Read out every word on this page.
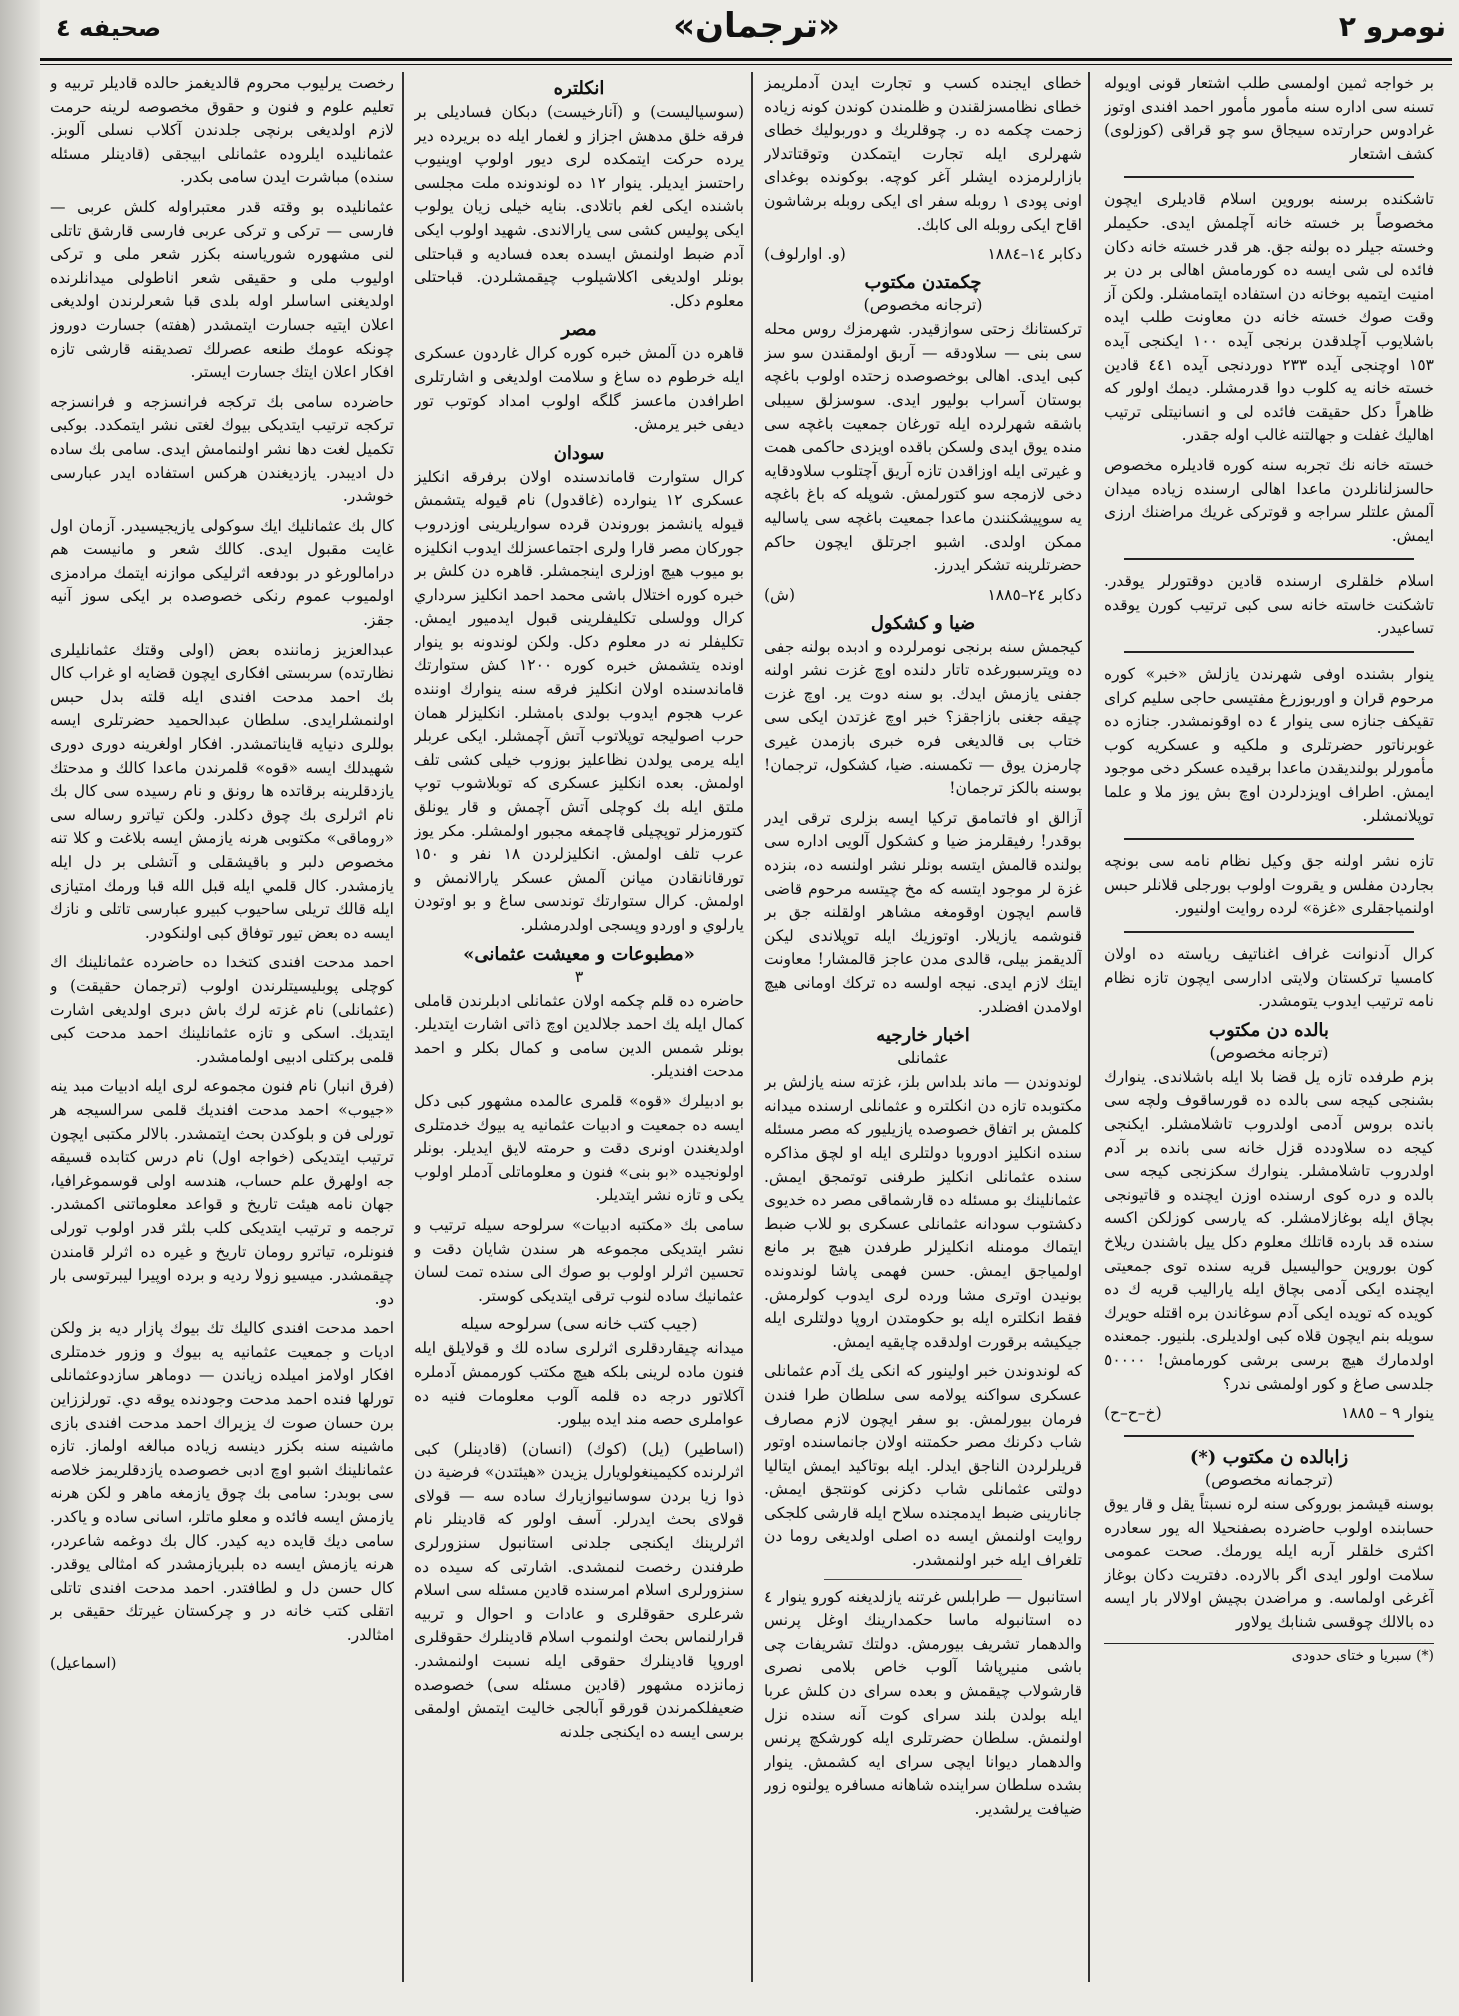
نومرو ٢
«ترجمان»
صحيفه ٤

بر خواجه ثمين اولمسى طلب اشتعار قونى اويوله تسنه سى اداره سنه مأمور مأمور احمد افندى اوتوز غرادوس حرارتده سيجاق سو چو قراقى (كوزلوى) كشف اشتعار

تاشكنده برسنه بوروين اسلام قاديلرى ايچون مخصوصاً بر خسته خانه آچلمش ايدى. حكيملر وخسته جيلر ده بولنه جق. هر قدر خسته خانه دكان فائده لى شى ايسه ده كورمامش اهالى بر دن بر امنيت ايتميه بوخانه دن استفاده ايتمامشلر. ولكن آز وقت صوك خسته خانه دن معاونت طلب ايده باشلايوب آچلدقدن برنجى آيده ١٠٠ ايكنجى آيده ١٥٣ اوچنجى آيده ٢٣٣ دوردنجى آيده ٤٤١ قادين خسته خانه يه كلوب دوا قدرمشلر. ديمك اولور كه ظاهراً دكل حقيقت فائده لى و انسانيتلى ترتيب اهاليك غفلت و جهالتنه غالب اوله جقدر.

خسته خانه نك تجربه سنه كوره قاديلره مخصوص حالسزلنانلردن ماعدا اهالى ارسنده زياده ميدان آلمش علتلر سراجه و قوتركى غريك مراضنك ارزى ايمش.

اسلام خلقلرى ارسنده قادين دوقتورلر يوقدر. تاشكنت خاسته خانه سى كبى ترتيب كورن يوقده تساعيدر.

ينوار بشنده اوفى شهرندن يازلش «خبر» كوره مرحوم قران و اوربوزرغ مفتيسى حاجى سليم كراى تقيكف جنازه سى ينوار ٤ ده اوقونمشدر. جنازه ده غوبرناتور حضرتلرى و ملكيه و عسكريه كوب مأمورلر بولنديقدن ماعدا برقيده عسكر دخى موجود ايمش. اطراف اويزدلردن اوچ بش يوز ملا و علما توپلانمشلر.

تازه نشر اولنه جق وكيل نظام نامه سى بونچه بجاردن مفلس و يقروت اولوب بورجلى قلانلر حبس اولنمياجقلرى «غزة» لرده روايت اولنيور.

كرال آدنوانت غراف اغناتيف رياسته ده اولان كامسيا تركستان ولايتى ادارسى ايچون تازه نظام نامه ترتيب ايدوب يتومشدر.

بالده دن مكتوب
(ترجانه مخصوص)

بزم طرفده تازه يل قضا بلا ايله باشلاندى. ينوارك بشنجى كيجه سى بالده ده قورساقوف ولچه سى بانده بروس آدمى اولدروب تاشلامشلر. ايكنجى كيجه ده سلاودده قزل خانه سى بانده بر آدم اولدروب تاشلامشلر. ينوارك سكزنجى كيجه سى بالده و دره كوى ارسنده اوزن ايچنده و قاتيونجى بچاق ايله بوغازلامشلر. كه يارسى كوزلكن اكسه سنده قد بارده قاتلك معلوم دكل ييل باشندن ريلاخ كون بوروين حواليسيل قريه سنده توى جمعيتى ايچنده ايكى آدمى بچاق ايله ياراليب قريه ك ده كويده كه تويده ايكى آدم سوغاندن بره اقتله حويرك سويله بنم ايچون قلاه كبى اولديلرى. بلنيور. جمعنده اولدمارك هيچ برسى برشى كورمامش! ٥٠٠٠٠ جلدسى صاغ و كور اولمشى ندر؟

ينوار ٩ – ١٨٨٥
(خ–ح–ح)
زابالده ن مكتوب (*)
(ترجمانه مخصوص)

بوسنه قيشمز بوروكى سنه لره نسبتاً يقل و قار يوق حسابنده اولوب حاضرده بصفنحيلا اله يور سعادره اكثرى خلقلر آربه ايله يورمك. صحت عمومى سلامت اولور ايدى اگر بالارده. دفتريت دكان بوغاز آغرغى اولماسه. و مراضدن بچيش اولالار بار ايسه ده بالالك چوقسى شنابك يولاور

(*) سبريا و ختاى حدودى

خطاى ايجنده كسب و تجارت ايدن آدملريمز خطاى نظامسزلقندن و ظلمندن كوندن كونه زياده زحمت چكمه ده ر. چوقلريك و دوربوليك خطاى شهرلرى ايله تجارت ايتمكدن وتوقتاتدلار بازارلرمزده ايشلر آغر كوچه. بوكونده بوغداى اونى پودى ١ روبله سفر اى ايكى روبله برشاشون اقاح ايكى روبله الى كابك.

دكابر ١٤–١٨٨٤
(و. اوارلوف)
چكمتدن مكتوب
(ترجانه مخصوص)

تركستانك زحتى سوازقيدر. شهرمزك روس محله سى بنى — سلاودقه — آربق اولمقندن سو سز كبى ايدى. اهالى بوخصوصده زحتده اولوب باغچه بوستان آسراب بوليور ايدى. سوسزلق سيبلى باشقه شهرلرده ايله تورغان جمعيت باغچه سى منده يوق ايدى ولسكن باقده اويزدى حاكمى همت و غيرتى ايله اوزاقدن تازه آريق آچتلوب سلاودقايه دخى لازمجه سو كتورلمش. شوپله كه باغ باغچه يه سوپيشكنندن ماعدا جمعيت باغچه سى ياساليه ممكن اولدى. اشبو اجرتلق ايچون حاكم حضرتلرينه تشكر ايدرز.

دكابر ٢٤–١٨٨٥
(ش)
ضيا و كشكول

كيجمش سنه برنجى نومرلرده و ادبده بولنه جفى ده وپترسبورغده تاتار دلنده اوچ غزت نشر اولنه جفنى يازمش ايدك. بو سنه دوت ير. اوچ غزت چيقه جغنى بازاجقز؟ خبر اوچ غزتدن ايكى سى ختاب بى قالديغى فره خبرى بازمدن غيرى چارمزن يوق — تكمسنه. ضيا، كشكول، ترجمان! بوسنه بالكز ترجمان!

آزالق او فاتمامق تركيا ايسه بزلرى ترقى ايدر بوقدر! رفيقلرمز ضيا و كشكول آلويى اداره سى بولنده قالمش ايتسه بونلر نشر اولنسه ده، بنزده غزة لر موجود ايتسه كه مخ چيتسه مرحوم قاضى قاسم ايچون اوقومغه مشاهر اولقلنه جق بر قنوشمه يازيلار. اوتوزيك ايله توپلاندى ليكن آلديقمز بيلى، قالدى مدن عاجز قالمشار! معاونت ايتك لازم ايدى. نيجه اولسه ده تركك اومانى هيچ اولامدن افضلدر.

اخبار خارجيه
عثمانلى

لوندوندن — ماند بلداس بلز، غزته سنه يازلش بر مكتوبده تازه دن انكلتره و عثمانلى ارسنده ميدانه كلمش بر اتفاق خصوصده يازيليور كه مصر مسئله سنده انكليز ادوروبا دولتلرى ايله او لچق مذاكره سنده عثمانلى انكليز طرفنى توتمجق ايمش. عثمانلينك بو مسئله ده قارشماقى مصر ده خديوى دكشتوب سودانه عثمانلى عسكرى بو للاب ضبط ايتماك مومنله انكليزلر طرفدن هيچ بر مانع اولمياجق ايمش. حسن فهمى پاشا لوندونده بونيدن اوترى مشا ورده لرى ايدوب كولرمش. فقط انكلتره ايله بو حكومتدن اروپا دولتلرى ايله جيكيشه برقورت اولدقده چايقيه ايمش.

كه لوندوندن خبر اولينور كه انكى يك آدم عثمانلى عسكرى سواكنه يولامه سى سلطان طرا فندن فرمان بيورلمش. بو سفر ايچون لازم مصارف شاب دكرنك مصر حكمتنه اولان جانماسنده اوتور قريلرلردن الناجق ايدلر. ايله بوتاكيد ايمش ايتاليا دولتى عثمانلى شاب دكزنى كونتجق ايمش. جانارينى ضبط ايدمجنده سلاح ايله قارشى كلجكى روايت اولنمش ايسه ده اصلى اولديغى روما دن تلغراف ايله خبر اولنمشدر.

استانبول — طرابلس غرتنه يازلديغنه كورو ينوار ٤ ده استانبوله ماسا حكمدارينك اوغل پرنس والدهمار تشريف بيورمش. دولتك تشريفات چى باشى منيرپاشا آلوب خاص بلامى نصرى قارشولاب چيقمش و بعده سراى دن كلش عربا ايله بولدن بلند سراى كوت آنه سنده نزل اولنمش. سلطان حضرتلرى ايله كورشكچ پرنس والدهمار ديوانا ايچى سراى ايه كشمش. ينوار بشده سلطان سراينده شاهانه مسافره يولنوه زور ضيافت يرلشدير.

انكلتره

(سوسياليست) و (آنارخيست) دبكان فساديلى بر فرقه خلق مدهش اجزاز و لغمار ايله ده بريرده دير يرده حركت ايتمكده لرى ديور اولوپ اوينيوب راحتسز ايديلر. ينوار ١٢ ده لوندونده ملت مجلسى باشنده ايكى لغم باتلادى. بنايه خيلى زيان يولوب ايكى پوليس كشى سى يارالاندى. شهيد اولوب ايكى آدم ضبط اولنمش ايسده بعده فساديه و قباحتلى بونلر اولديغى اكلاشيلوب چيقمشلردن. قباحتلى معلوم دكل.

مصر

قاهره دن آلمش خبره كوره كرال غاردون عسكرى ايله خرطوم ده ساغ و سلامت اولديغى و اشارتلرى اطرافدن ماعسز گلگه اولوب امداد كوتوب تور ديفى خبر يرمش.

سودان

كرال ستوارت قاماندسنده اولان برفرقه انكليز عسكرى ١٢ ينوارده (غاقدول) نام قيوله يتشمش قيوله يانشمز بوروندن قرده سواريلرينى اوزدروب جوركان مصر قارا ولرى اجتماعسزلك ايدوب انكليزه بو ميوب هيچ اوزلرى اينجمشلر. قاهره دن كلش بر خبره كوره اختلال باشى محمد احمد انكليز سرداري كرال وولسلى تكليفلرينى قبول ايدميور ايمش. تكليفلر نه در معلوم دكل. ولكن لوندونه بو ينوار اونده يتشمش خبره كوره ١٢٠٠ كش ستوارتك قاماندسنده اولان انكليز فرقه سنه ينوارك اوننده عرب هجوم ايدوب بولدى بامشلر. انكليزلر همان حرب اصوليجه توپلاتوب آتش آچمشلر. ايكى عربلر ايله يرمى يولدن نظاعليز بوزوب خيلى كشى تلف اولمش. بعده انكليز عسكرى كه توبلاشوب توپ ملتق ايله بك كوچلى آتش آچمش و قار يونلق كتورمزلر توپچيلى قاچمغه مجبور اولمشلر. مكر يوز عرب تلف اولمش. انكليزلردن ١٨ نفر و ١٥٠ تورقانانقادن ميانن آلمش عسكر يارالانمش و اولمش. كرال ستوارتك توندسى ساغ و بو اوتودن يارلوي و اوردو وپسجى اولدرمشلر.

«مطبوعات و معيشت عثمانى»
٣

حاضره ده قلم چكمه اولان عثمانلى ادبلرندن قاملى كمال ايله يك احمد جلالدين اوچ ذاتى اشارت ايتديلر. بونلر شمس الدين سامى و كمال بكلر و احمد مدحت افنديلر.

بو ادبيلرك «قوه» قلمرى عالمده مشهور كبى دكل ايسه ده جمعيت و ادبيات عثمانيه يه بيوك خدمتلرى اولديغندن اونرى دقت و حرمته لايق ايديلر. بونلر اولونجيده «بو بنى» فنون و معلوماتلى آدملر اولوب يكى و تازه نشر ايتديلر.

سامى بك «مكتبه ادبيات» سرلوحه سيله ترتيب و نشر ايتديكى مجموعه هر سندن شايان دقت و تحسين اثرلر اولوب بو صوك الى سنده تمت لسان عثمانيك ساده لنوب ترقى ايتديكى كوستر.

(جيب كتب خانه سى) سرلوحه سيله

ميدانه چيقاردقلرى اثرلرى ساده لك و قولايلق ايله فنون ماده لرينى بلكه هيچ مكتب كورممش آدملره آكلاتور درجه ده قلمه آلوب معلومات فنيه ده عواملرى حصه مند ايده بيلور.

(اساطير) (يل) (كوك) (انسان) (قادينلر) كبى اثرلرنده ككيمينغولويارل يزيدن «هيئتدن» فرضية دن ذوا زيا بردن سوسانيوازيارك ساده سه — قولاى قولاى بحث ايدرلر. آسف اولور كه قادينلر نام اثرلرينك ايكنجى جلدنى استانبول سنزورلرى طرفندن رخصت لنمشدى. اشارتى كه سيده ده سنزورلرى اسلام امرسنده قادين مسئله سى اسلام شرعلرى حقوقلرى و عادات و احوال و تربيه قرارلنماس بحث اولنموب اسلام قادينلرك حقوقلرى اوروپا قادينلرك حقوقى ايله نسبت اولنمشدر. زمانزده مشهور (قادين مسئله سى) خصوصده ضعيفلكمرندن قورقو آبالجى خاليت ايتمش اولمقى برسى ايسه ده ايكنجى جلدنه

رخصت يرليوب محروم قالديغمز حالده قاديلر تربيه و تعليم علوم و فنون و حقوق مخصوصه لرينه حرمت لازم اولديغى برنچى جلدندن آكلاب نسلى آلوبز. عثمانليده ايلروده عثمانلى ابيجقى (قادينلر مسئله سنده) مباشرت ايدن سامى بكدر.

عثمانليده بو وقته قدر معتبراوله كلش عربى — فارسى — تركى و تركى عربى فارسى قارشق تاتلى لنى مشهوره شورياسنه بكزر شعر ملى و تركى اوليوب ملى و حقيقى شعر اناطولى ميدانلرنده اولديغنى اساسلر اوله بلدى قبا شعرلرندن اولديغى اعلان ايتيه جسارت ايتمشدر (هفته) جسارت دوروز چونكه عومك طنعه عصرلك تصديقنه قارشى تازه افكار اعلان ايتك جسارت ايستر.

حاضرده سامى بك تركجه فرانسزجه و فرانسزجه تركجه ترتيب ايتديكى بيوك لغتى نشر ايتمكدد. بوكبى تكميل لغت دها نشر اولنمامش ايدى. سامى بك ساده دل اديبدر. يازديغندن هركس استفاده ايدر عبارسى خوشدر.

كال بك عثمانليك ايك سوكولى يازيجيسيدر. آزمان اول غايت مقبول ايدى. كالك شعر و مانيست هم درامالورغو در بودفعه اثرليكى موازنه ايتمك مرادمزى اولميوب عموم رنكى خصوصده بر ايكى سوز آنيه جقز.

عبدالعزيز زماننده بعض (اولى وقتك عثمانليلرى نظارتده) سربستى افكارى ايچون قضايه او غراب كال بك احمد مدحت افندى ايله قلته بدل حبس اولنمشلرايدى. سلطان عبدالحميد حضرتلرى ايسه بوللرى دنيايه قايناتمشدر. افكار اولغرينه دورى دورى شهيدلك ايسه «قوه» قلمرندن ماعدا كالك و مدحتك يازدقلرينه برقاتده ها رونق و نام رسيده سى كال بك نام اثرلرى بك چوق دكلدر. ولكن تياترو رساله سى «روماقى» مكتوبى هرنه يازمش ايسه بلاغت و كلا تنه مخصوص دلبر و باقيشقلى و آتشلى بر دل ايله يازمشدر. كال قلمي ايله قبل الله قبا ورمك امتيازى ايله قالك تريلى ساحيوب كبيرو عبارسى تاتلى و نازك ايسه ده بعض تيور توفاق كبى اولنكودر.

احمد مدحت افندى كتخدا ده حاضرده عثمانلينك اك كوچلى پوبليسيتلرندن اولوب (ترجمان حقيقت) و (عثمانلى) نام غزته لرك باش دبرى اولديغى اشارت ايتديك. اسكى و تازه عثمانلينك احمد مدحت كبى قلمى بركتلى ادبيى اولمامشدر.

(فرق انبار) نام فنون مجموعه لرى ايله ادبيات مبد ينه «جيوب» احمد مدحت افنديك قلمى سرالسيجه هر تورلى فن و بلوكدن بحث ايتمشدر. بالالر مكتبى ايچون ترتيب ايتديكى (خواجه اول) نام درس كتابده قسيقه جه اولهرق علم حساب، هندسه اولى قوسموغرافيا، جهان نامه هيئت تاريخ و قواعد معلوماتنى اكمشدر. ترجمه و ترتيب ايتديكى كلب بلثر قدر اولوب تورلى فنونلره، تياترو رومان تاريخ و غيره ده اثرلر قامندن چيقمشدر. ميسيو زولا رديه و برده اوپيرا ليبرتوسى بار دو.

احمد مدحت افندى كاليك تك بيوك پازار ديه بز ولكن اديات و جمعيت عثمانيه يه بيوك و وزور خدمتلرى افكار اولامز اميلده زياندن — دوماهر سازدوعثمانلى تورلها فنده احمد مدحت وجودنده يوقه دي. تورلززاين برن حسان صوت ك يزيراك احمد مدحت افندى بازى ماشينه سنه بكزر دينسه زياده مبالغه اولماز. تازه عثمانلينك اشبو اوچ ادبى خصوصده يازدقلريمز خلاصه سى بوبدر: سامى بك چوق يازمغه ماهر و لكن هرنه يازمش ايسه فائده و معلو ماتلر، اسانى ساده و ياكدر. سامى ديك قايده ديه كيدر. كال بك دوغمه شاعردر، هرنه يازمش ايسه ده بلبريازمشدر كه امثالى يوقدر. كال حسن دل و لطافتدر. احمد مدحت افندى تاتلى اتقلى كتب خانه در و چركستان غيرتك حقيقى بر امثالدر.

(اسماعيل)
